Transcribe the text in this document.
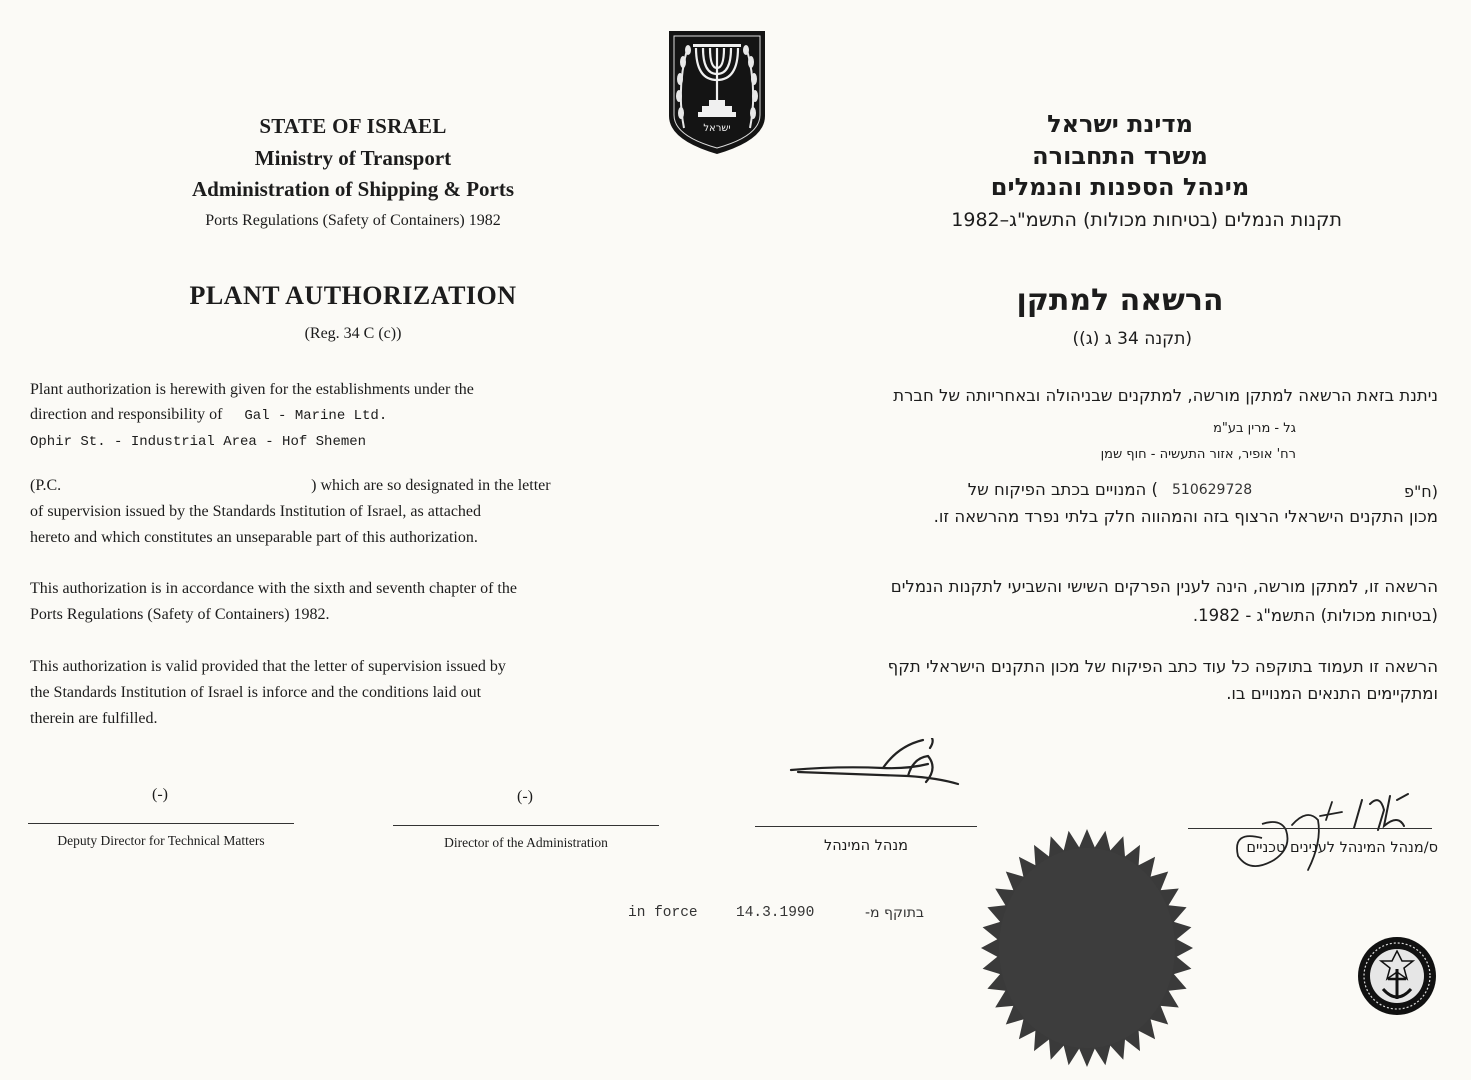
ישראל
STATE OF ISRAEL
Ministry of Transport
Administration of Shipping & Ports
Ports Regulations (Safety of Containers) 1982
PLANT AUTHORIZATION
(Reg. 34 C (c))
Plant authorization is herewith given for the establishments under the
direction and responsibility of Gal - Marine Ltd.
Ophir St. - Industrial Area - Hof Shemen
(P.C.	) which are so designated in the letter
of supervision issued by the Standards Institution of Israel, as attached
hereto and which constitutes an unseparable part of this authorization.
This authorization is in accordance with the sixth and seventh chapter of the
Ports Regulations (Safety of Containers) 1982.
This authorization is valid provided that the letter of supervision issued by
the Standards Institution of Israel is inforce and the conditions laid out
therein are fulfilled.
(-)
Deputy Director for Technical Matters
(-)
Director of the Administration
מדינת ישראל
משרד התחבורה
מינהל הספנות והנמלים
תקנות הנמלים (בטיחות מכולות) התשמ"ג–1982
הרשאה למתקן
(תקנה 34 ג (ג))
ניתנת בזאת הרשאה למתקן מורשה, למתקנים שבניהולה ובאחריותה של חברת
גל - מרין בע"מ
רח' אופיר, אזור התעשיה - חוף שמן
(ח"פ
510629728
) המנויים בכתב הפיקוח של
מכון התקנים הישראלי הרצוף בזה והמהווה חלק בלתי נפרד מהרשאה זו.
הרשאה זו, למתקן מורשה, הינה לענין הפרקים השישי והשביעי לתקנות הנמלים
(בטיחות מכולות) התשמ"ג - 1982.
הרשאה זו תעמוד בתוקפה כל עוד כתב הפיקוח של מכון התקנים הישראלי תקף
ומתקיימים התנאים המנויים בו.
מנהל המינהל	ס/מנהל המינהל לענינים טכניים
in force	14.3.1990	בתוקף מ-
